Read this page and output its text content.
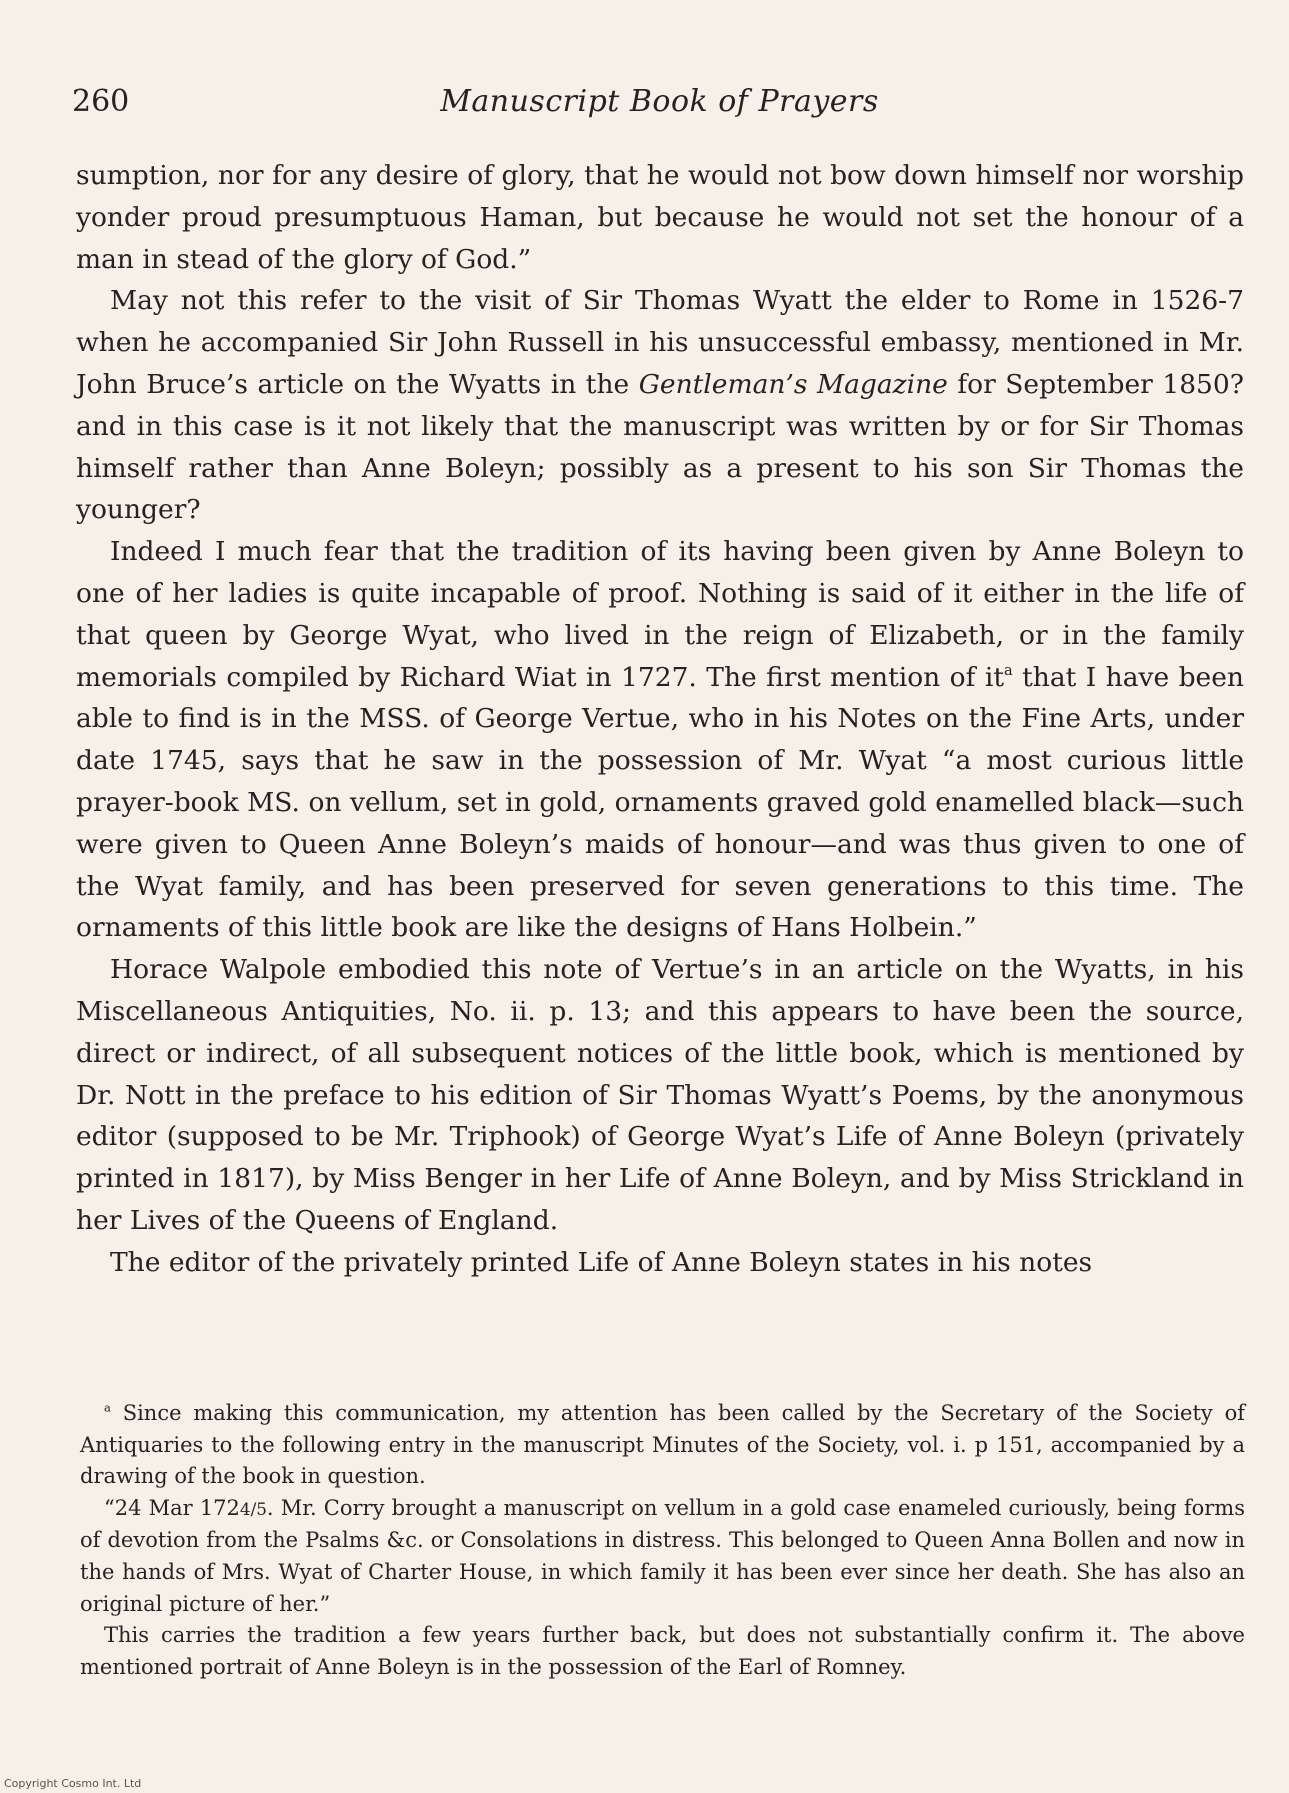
260	Manuscript Book of Prayers

sumption, nor for any desire of glory, that he would not bow down himself nor worship yonder proud presumptuous Haman, but because he would not set the honour of a man in stead of the glory of God.”

May not this refer to the visit of Sir Thomas Wyatt the elder to Rome in 1526-7 when he accompanied Sir John Russell in his unsuccessful embassy, mentioned in Mr. John Bruce’s article on the Wyatts in the Gentleman’s Magazine for September 1850? and in this case is it not likely that the manuscript was written by or for Sir Thomas himself rather than Anne Boleyn; possibly as a present to his son Sir Thomas the younger?

Indeed I much fear that the tradition of its having been given by Anne Boleyn to one of her ladies is quite incapable of proof. Nothing is said of it either in the life of that queen by George Wyat, who lived in the reign of Elizabeth, or in the family memorials compiled by Richard Wiat in 1727. The first mention of $it^a$ that I have been able to find is in the MSS. of George Vertue, who in his Notes on the Fine Arts, under date 1745, says that he saw in the possession of Mr. Wyat “a most curious little prayer-book MS. on vellum, set in gold, ornaments graved gold enamelled black—such were given to Queen Anne Boleyn’s maids of honour—and was thus given to one of the Wyat family, and has been preserved for seven generations to this time. The ornaments of this little book are like the designs of Hans Holbein.”

Horace Walpole embodied this note of Vertue’s in an article on the Wyatts, in his Miscellaneous Antiquities, No. ii. p. 13; and this appears to have been the source, direct or indirect, of all subsequent notices of the little book, which is mentioned by Dr. Nott in the preface to his edition of Sir Thomas Wyatt’s Poems, by the anonymous editor (supposed to be Mr. Triphook) of George Wyat’s Life of Anne Boleyn (privately printed in 1817), by Miss Benger in her Life of Anne Boleyn, and by Miss Strickland in her Lives of the Queens of England.

The editor of the privately printed Life of Anne Boleyn states in his notes

$^a$ Since making this communication, my attention has been called by the Secretary of the Society of Antiquaries to the following entry in the manuscript Minutes of the Society, vol. i. p 151, accompanied by a drawing of the book in question.

“24 Mar 1724/5. Mr. Corry brought a manuscript on vellum in a gold case enameled curiously, being forms of devotion from the Psalms &c. or Consolations in distress. This belonged to Queen Anna Bollen and now in the hands of Mrs. Wyat of Charter House, in which family it has been ever since her death. She has also an original picture of her.”

This carries the tradition a few years further back, but does not substantially confirm it. The above mentioned portrait of Anne Boleyn is in the possession of the Earl of Romney.

Copyright Cosmo Int. Ltd
